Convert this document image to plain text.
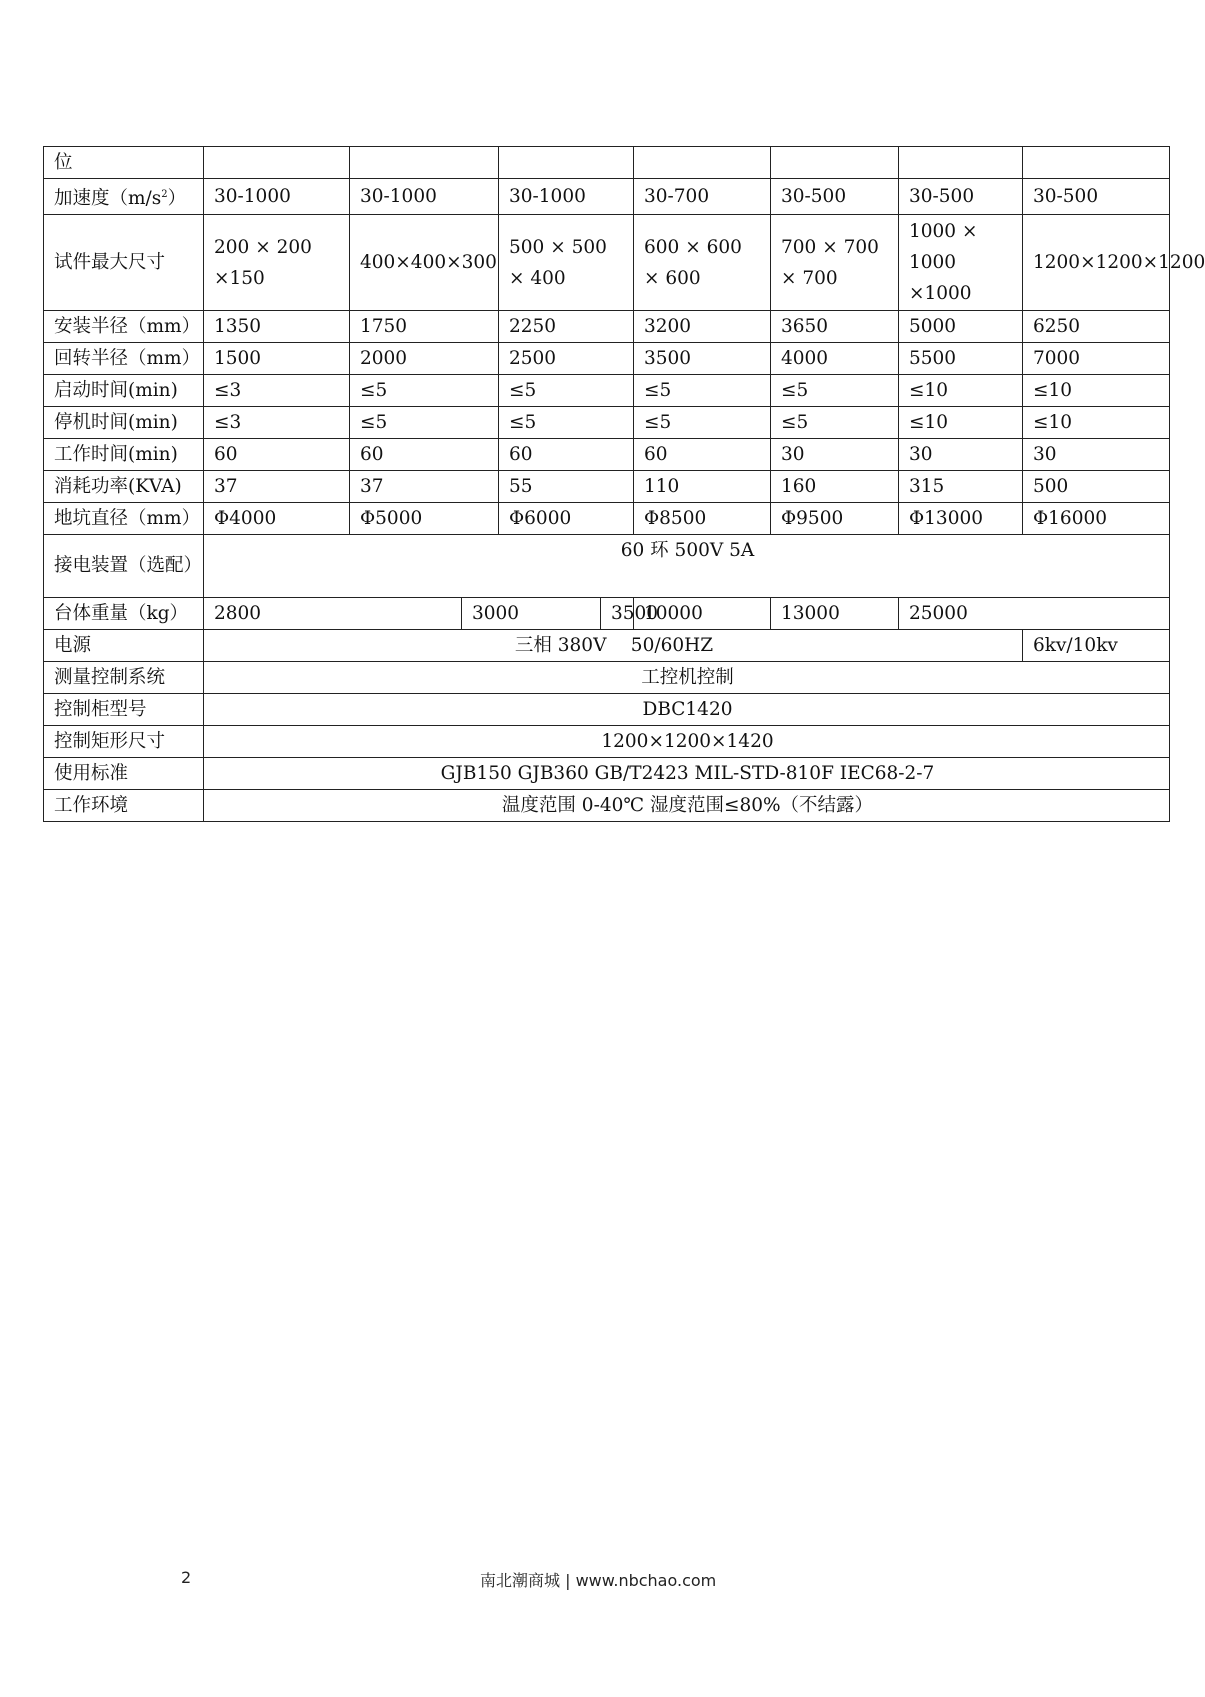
位										
加速度$(m/s^2)$	30-1000	30-1000		30-1000		30-700	30-500	30-500	30-500	
试件最大尺寸	200 × 200 ×150	400×400×300		500 × 500 × 400		600 × 600 × 600	700 × 700 × 700	1000 × 1000 ×1000	1200×1200×1200	
安装半径（mm）	1350	1750		2250		3200	3650	5000	6250	
回转半径（mm）	1500	2000		2500		3500	4000	5500	7000	
启动时间(min)	≤3	≤5		≤5		≤5	≤5	≤10	≤10	
停机时间(min)	≤3	≤5		≤5		≤5	≤5	≤10	≤10	
工作时间(min)	60	60		60		60	30	30	30	
消耗功率(KVA)	37	37		55		110	160	315	500	
地坑直径（mm）	Φ4000	Φ5000		Φ6000		Φ8500	Φ9500	Φ13000	Φ16000	
接电装置（选配）	60 环 500V 5A									
台体重量（kg）	2800		3000		3500	10000	13000	25000	
电源	三相 380V　 50/60HZ								6kv/10kv	
测量控制系统	工控机控制									
控制柜型号	DBC1420									
控制矩形尺寸	1200×1200×1420									
使用标准	GJB150 GJB360 GB/T2423 MIL-STD-810F IEC68-2-7									
工作环境	温度范围 0-40℃ 湿度范围≤80%（不结露）									
2	南北潮商城 | www.nbchao.com
